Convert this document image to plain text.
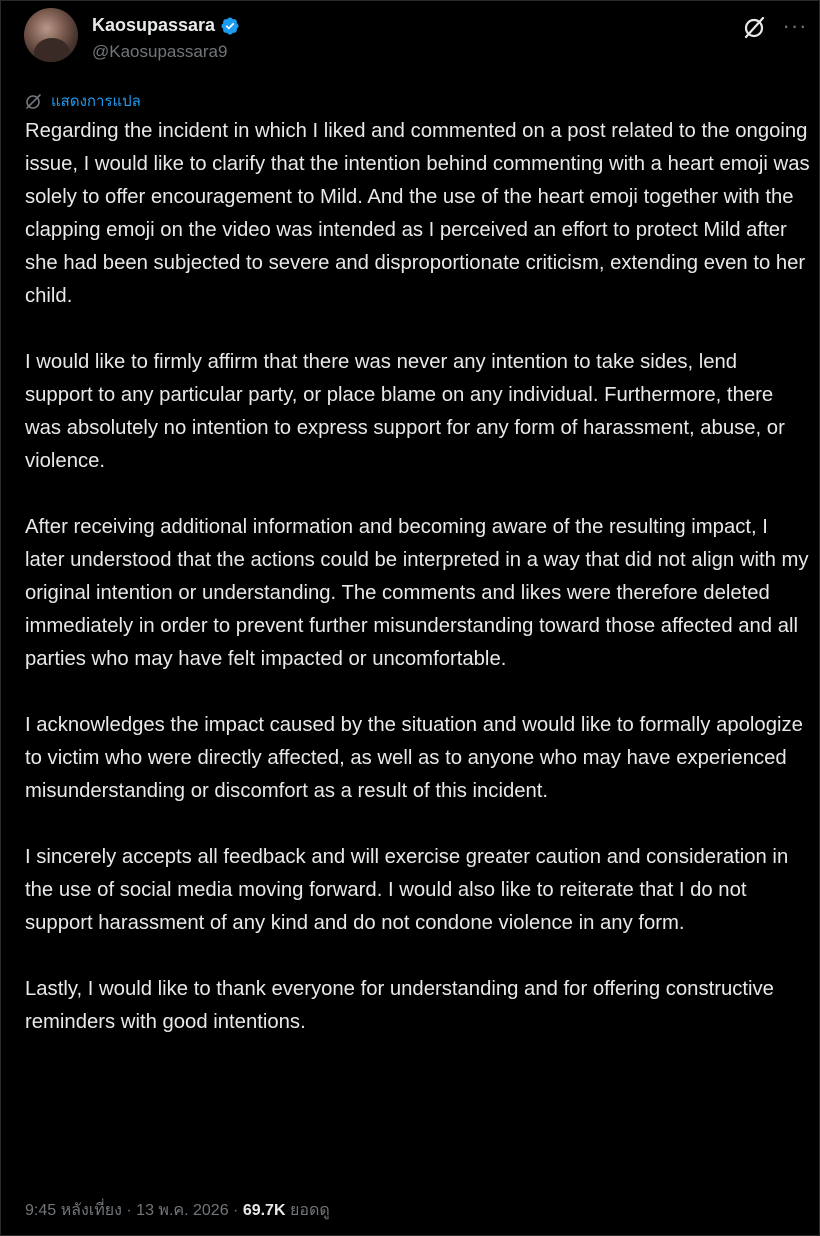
Kaosupassara
@Kaosupassara9
···
แสดงการแปล

Regarding the incident in which I liked and commented on a post related to the ongoing issue, I would like to clarify that the intention behind commenting with a heart emoji was solely to offer encouragement to Mild. And the use of the heart emoji together with the clapping emoji on the video was intended as I perceived an effort to protect Mild after she had been subjected to severe and disproportionate criticism, extending even to her child.

I would like to firmly affirm that there was never any intention to take sides, lend support to any particular party, or place blame on any individual. Furthermore, there was absolutely no intention to express support for any form of harassment, abuse, or violence.

After receiving additional information and becoming aware of the resulting impact, I later understood that the actions could be interpreted in a way that did not align with my original intention or understanding. The comments and likes were therefore deleted immediately in order to prevent further misunderstanding toward those affected and all parties who may have felt impacted or uncomfortable.

I acknowledges the impact caused by the situation and would like to formally apologize to victim who were directly affected, as well as to anyone who may have experienced misunderstanding or discomfort as a result of this incident.

I sincerely accepts all feedback and will exercise greater caution and consideration in the use of social media moving forward. I would also like to reiterate that I do not support harassment of any kind and do not condone violence in any form.

Lastly, I would like to thank everyone for understanding and for offering constructive reminders with good intentions.

9:45 หลังเที่ยง · 13 พ.ค. 2026 · 69.7K ยอดดู
